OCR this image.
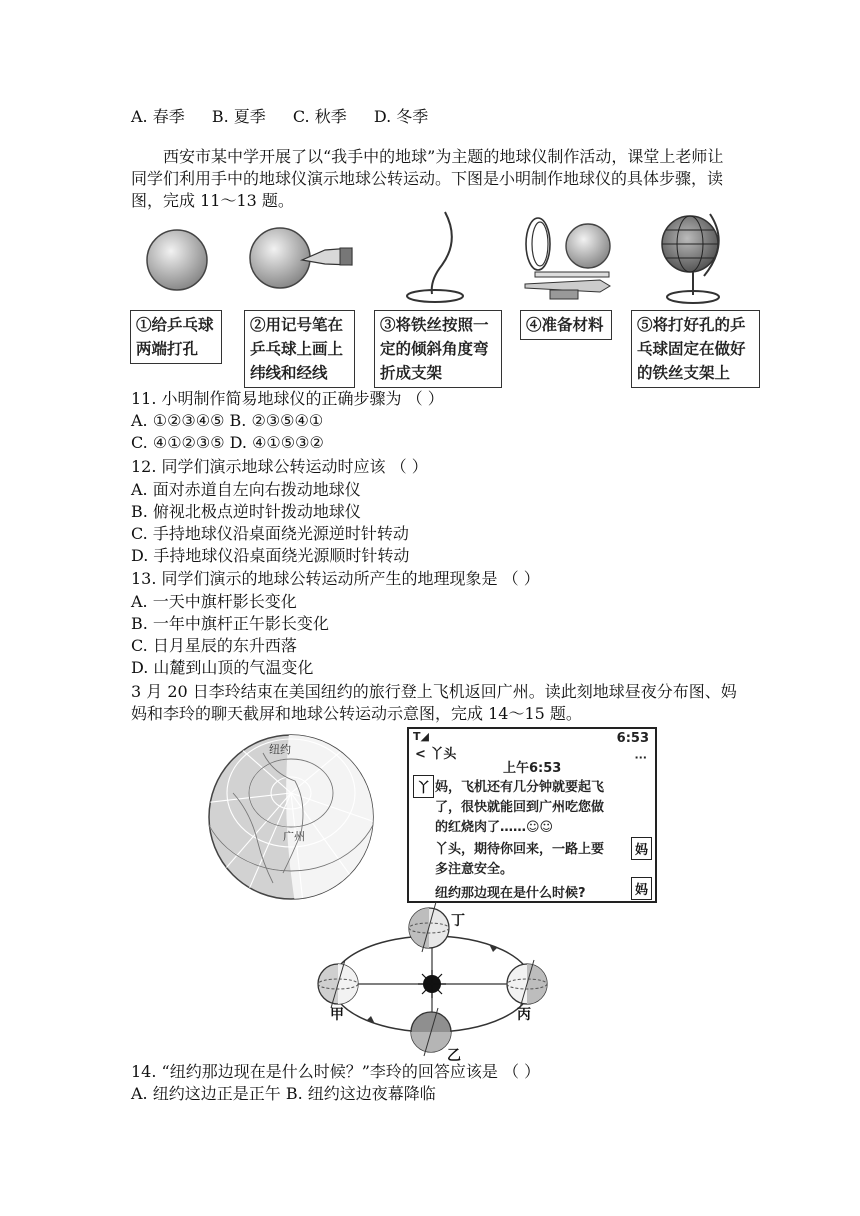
A. 春季 B. 夏季 C. 秋季 D. 冬季
西安市某中学开展了以“我手中的地球”为主题的地球仪制作活动，课堂上老师让同学们利用手中的地球仪演示地球公转运动。下图是小明制作地球仪的具体步骤，读图，完成 11～13 题。
①给乒乓球两端打孔
②用记号笔在乒乓球上画上纬线和经线
③将铁丝按照一定的倾斜角度弯折成支架
④准备材料	⑤将打好孔的乒乓球固定在做好的铁丝支架上
11. 小明制作简易地球仪的正确步骤为 （ ）
A. ①②③④⑤ B. ②③⑤④①
C. ④①②③⑤ D. ④①⑤③②
12. 同学们演示地球公转运动时应该 （ ）
A. 面对赤道自左向右拨动地球仪
B. 俯视北极点逆时针拨动地球仪
C. 手持地球仪沿桌面绕光源逆时针转动
D. 手持地球仪沿桌面绕光源顺时针转动
13. 同学们演示的地球公转运动所产生的地理现象是 （ ）
A. 一天中旗杆影长变化
B. 一年中旗杆正午影长变化
C. 日月星辰的东升西落
D. 山麓到山顶的气温变化
3 月 20 日李玲结束在美国纽约的旅行登上飞机返回广州。读此刻地球昼夜分布图、妈妈和李玲的聊天截屏和地球公转运动示意图，完成 14～15 题。
纽约
广州
T◢
< 丫头
6:53
···
上午6:53
丫 妈，飞机还有几分钟就要起飞
了，很快就能回到广州吃您做
的红烧肉了……☺☺
丫头，期待你回来，一路上要
多注意安全。
妈
纽约那边现在是什么时候?	妈
甲
乙
丙
丁
14. “纽约那边现在是什么时候？”李玲的回答应该是 （ ）
A. 纽约这边正是正午 B. 纽约这边夜幕降临
